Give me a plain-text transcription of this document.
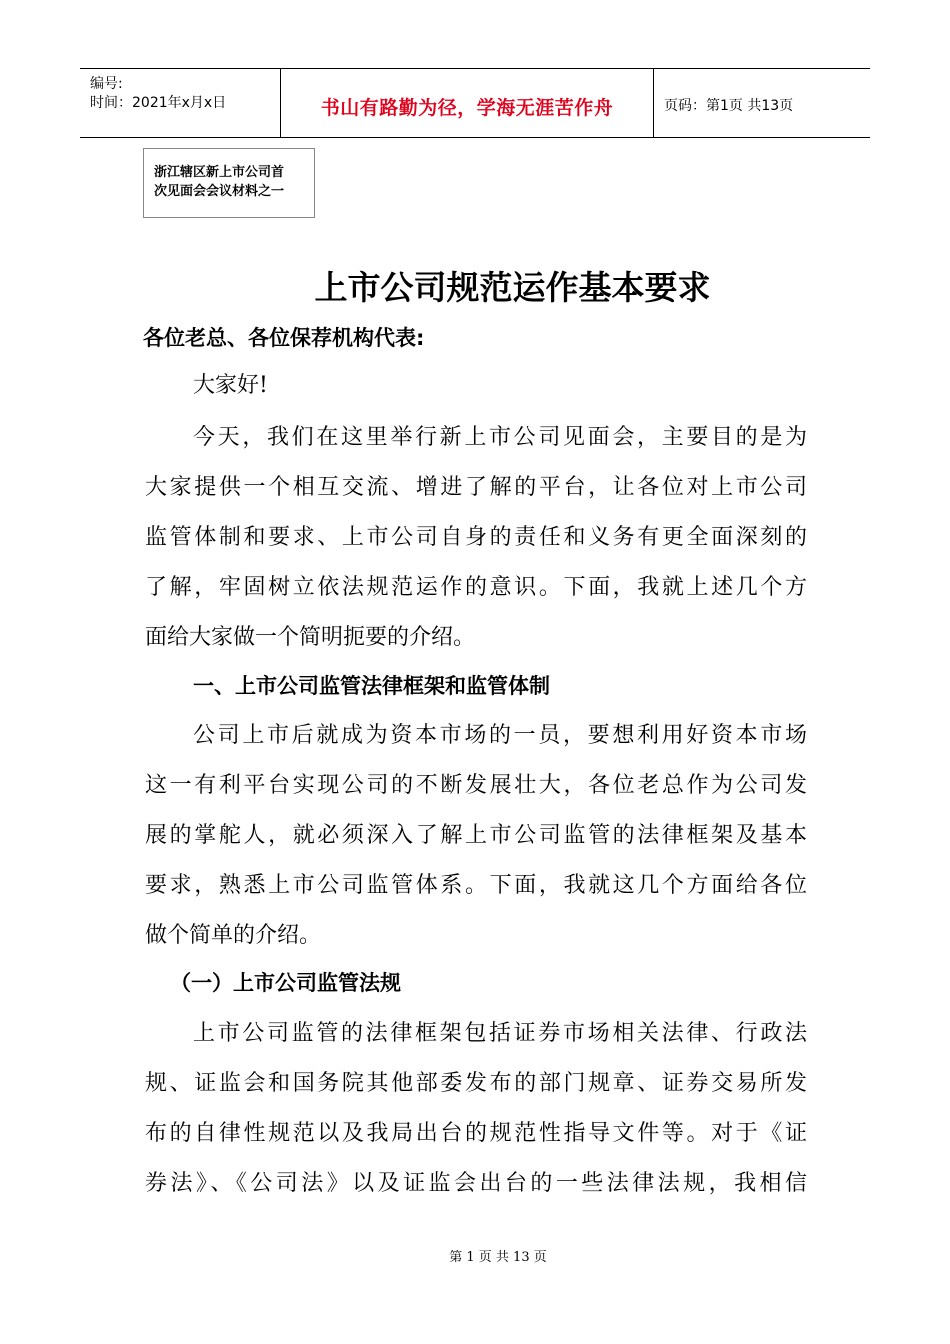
编号:
时间：2021年x月x日	书山有路勤为径，学海无涯苦作舟	页码：第1页 共13页
浙江辖区新上市公司首
次见面会会议材料之一
上市公司规范运作基本要求
各位老总、各位保荐机构代表:
大家好!
今天，我们在这里举行新上市公司见面会，主要目的是为
大家提供一个相互交流、增进了解的平台，让各位对上市公司
监管体制和要求、上市公司自身的责任和义务有更全面深刻的
了解，牢固树立依法规范运作的意识。下面，我就上述几个方
面给大家做一个简明扼要的介绍。
一、上市公司监管法律框架和监管体制
公司上市后就成为资本市场的一员，要想利用好资本市场
这一有利平台实现公司的不断发展壮大，各位老总作为公司发
展的掌舵人，就必须深入了解上市公司监管的法律框架及基本
要求，熟悉上市公司监管体系。下面，我就这几个方面给各位
做个简单的介绍。
（一）上市公司监管法规
上市公司监管的法律框架包括证券市场相关法律、行政法
规、证监会和国务院其他部委发布的部门规章、证券交易所发
布的自律性规范以及我局出台的规范性指导文件等。对于《证
券法》、《公司法》以及证监会出台的一些法律法规，我相信
第 1 页 共 13 页
